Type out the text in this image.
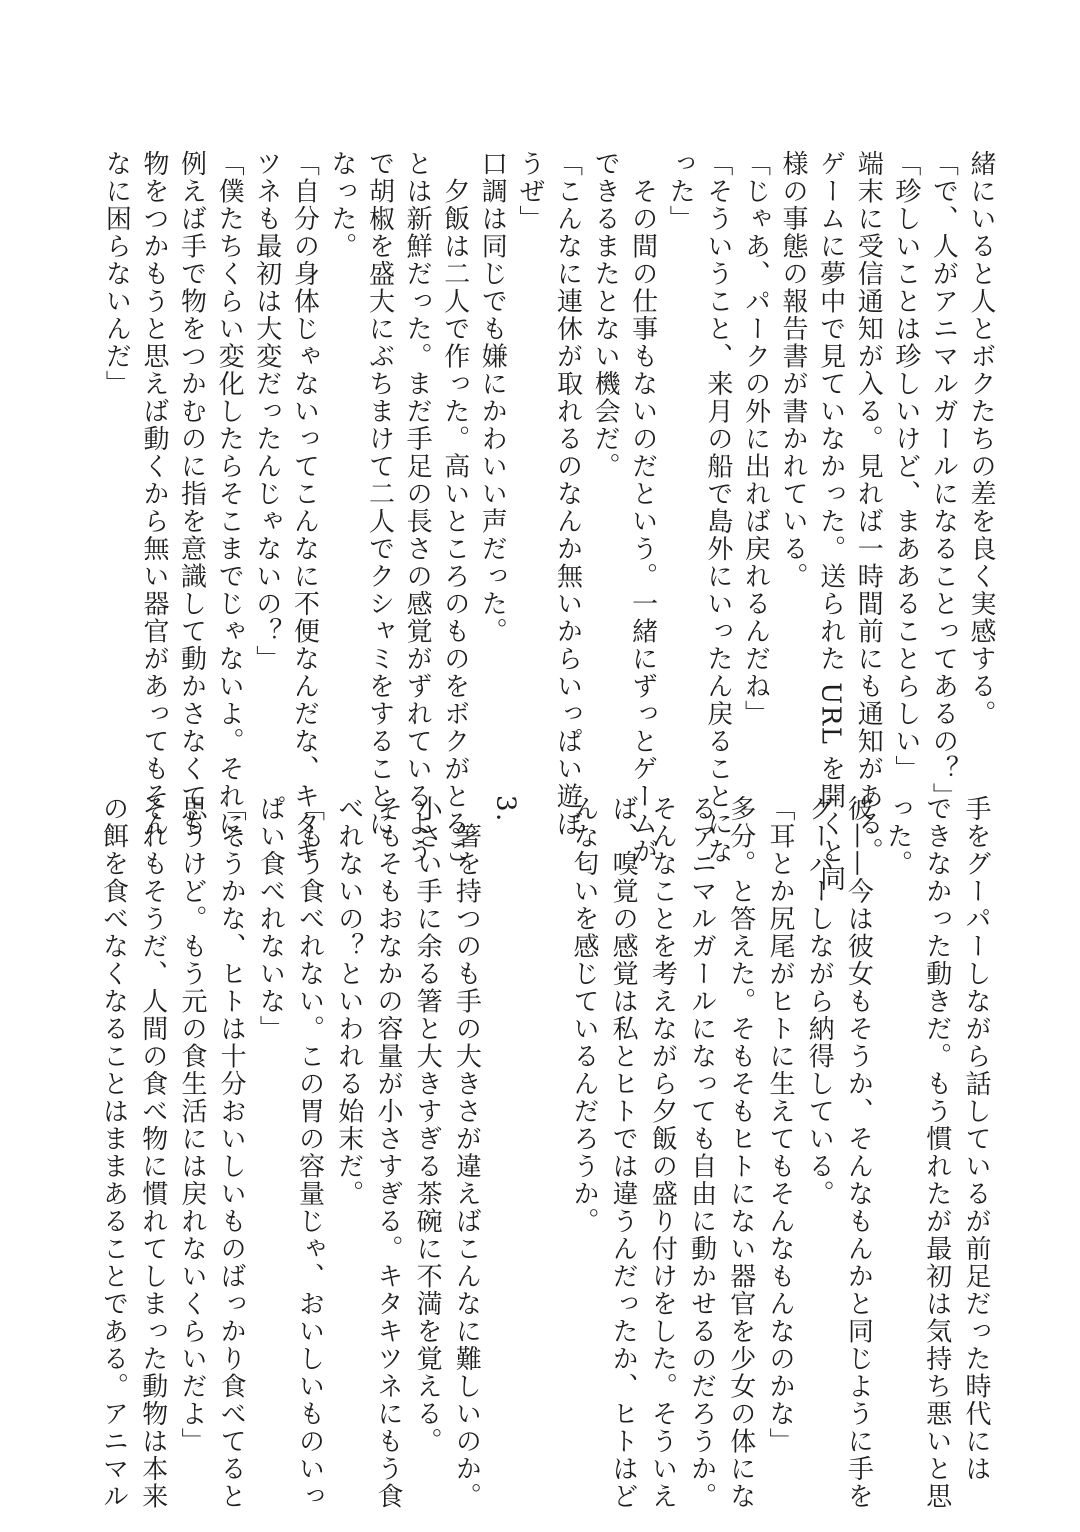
緒にいると人とボクたちの差を良く実感する。
「で、人がアニマルガールになることってあるの？」
「珍しいことは珍しいけど、まああることらしい」
端末に受信通知が入る。見れば一時間前にも通知がある。
ゲームに夢中で見ていなかった。送られた URL を開くと同
様の事態の報告書が書かれている。
「じゃあ、パークの外に出れば戻れるんだね」
「そういうこと、来月の船で島外にいったん戻ることにな
った」
　その間の仕事もないのだという。一緒にずっとゲームが
できるまたとない機会だ。
「こんなに連休が取れるのなんか無いからいっぱい遊ぼ
うぜ」
口調は同じでも嫌にかわいい声だった。
　夕飯は二人で作った。高いところのものをボクがとるこ
とは新鮮だった。まだ手足の長さの感覚がずれているよう
で胡椒を盛大にぶちまけて二人でクシャミをすることに
なった。
「自分の身体じゃないってこんなに不便なんだな、キタキ
ツネも最初は大変だったんじゃないの？」
「僕たちくらい変化したらそこまでじゃないよ。それに、
例えば手で物をつかむのに指を意識して動かさなくても
物をつかもうと思えば動くから無い器官があってもそん
なに困らないんだ」
手をグーパーしながら話しているが前足だった時代には
できなかった動きだ。もう慣れたが最初は気持ち悪いと思
った。
彼——今は彼女もそうか、そんなもんかと同じように手を
グーパーしながら納得している。
「耳とか尻尾がヒトに生えてもそんなもんなのかな」
多分。と答えた。そもそもヒトにない器官を少女の体にな
るアニマルガールになっても自由に動かせるのだろうか。
そんなことを考えながら夕飯の盛り付けをした。そういえ
ば、嗅覚の感覚は私とヒトでは違うんだったか、ヒトはど
んな匂いを感じているんだろうか。
3.
　箸を持つのも手の大きさが違えばこんなに難しいのか。
小さい手に余る箸と大きすぎる茶碗に不満を覚える。
そもそもおなかの容量が小さすぎる。キタキツネにもう食
べれないの？といわれる始末だ。
「もう食べれない。この胃の容量じゃ、おいしいものいっ
ぱい食べれないな」
「そうかな、ヒトは十分おいしいものばっかり食べてると
思うけど。もう元の食生活には戻れないくらいだよ」
それもそうだ、人間の食べ物に慣れてしまった動物は本来
の餌を食べなくなることはままあることである。アニマル
